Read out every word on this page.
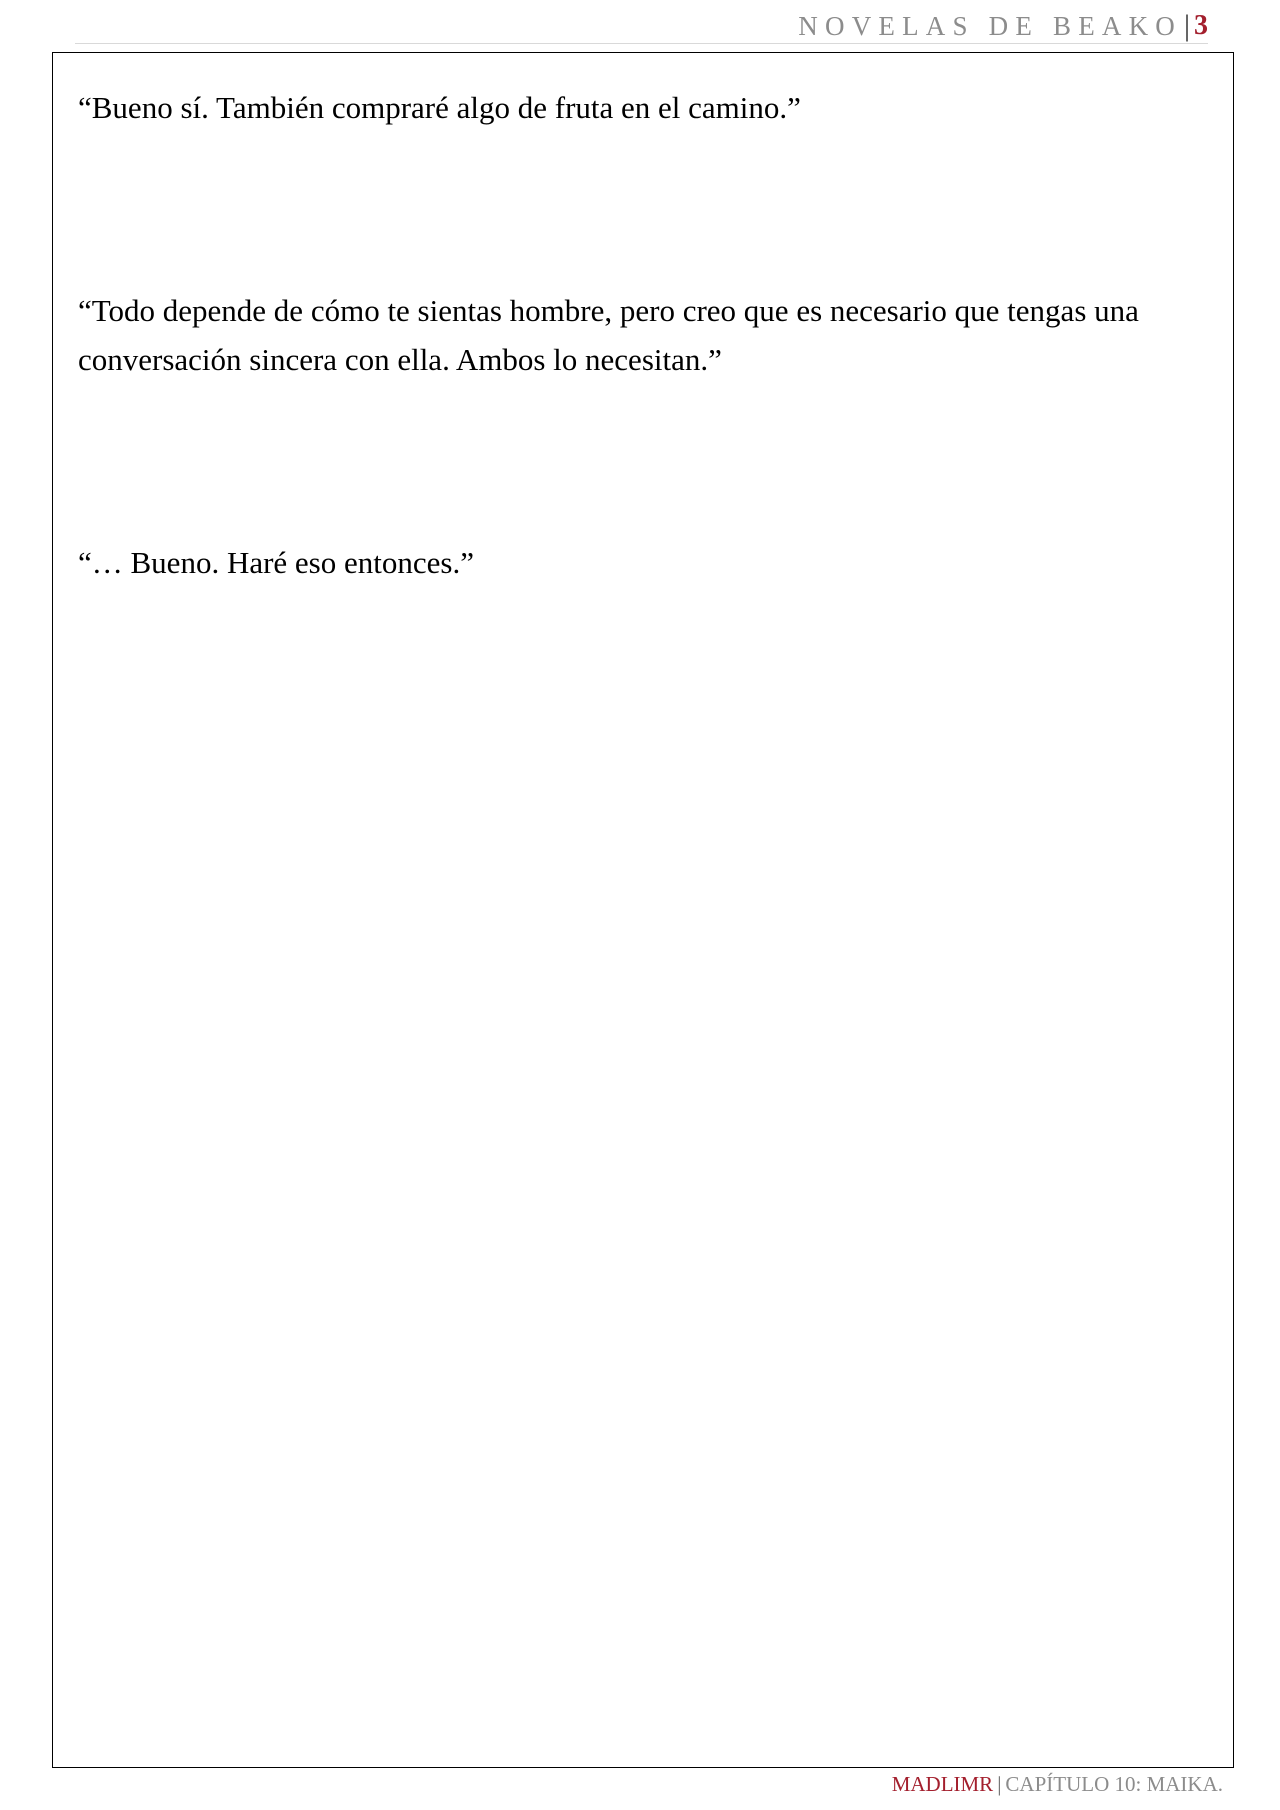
NOVELAS DE BEAKO | 3

“Bueno sí. También compraré algo de fruta en el camino.”

“Todo depende de cómo te sientas hombre, pero creo que es necesario que tengas una conversación sincera con ella. Ambos lo necesitan.”

“… Bueno. Haré eso entonces.”

MADLIMR | CAPÍTULO 10: MAIKA.
